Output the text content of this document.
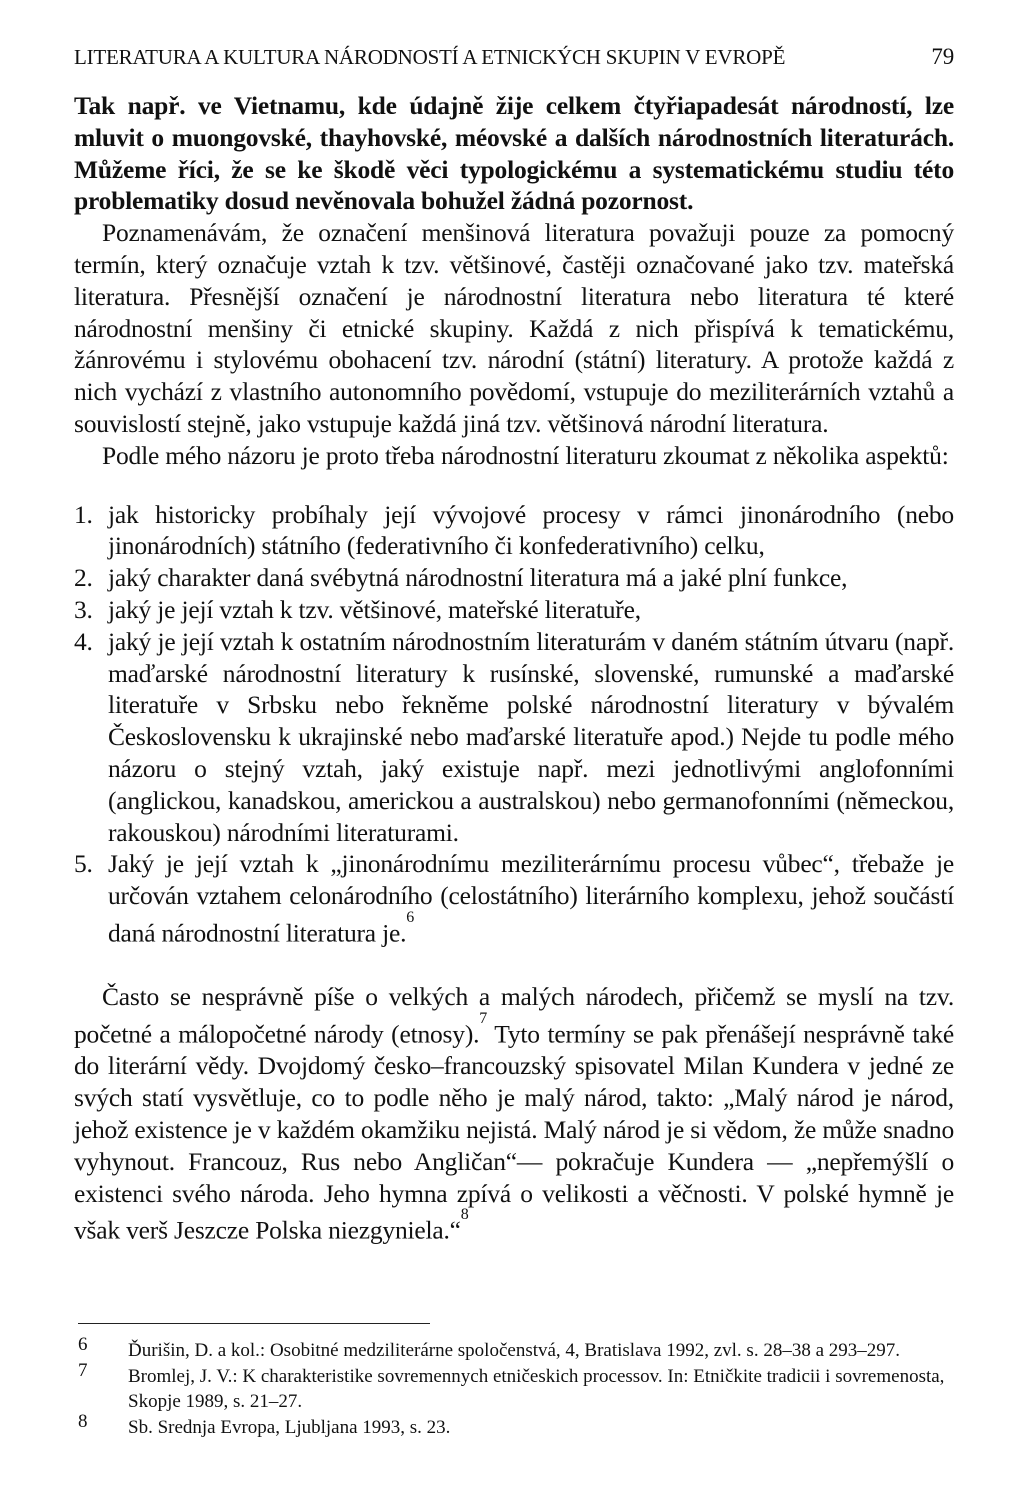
LITERATURA A KULTURA NÁRODNOSTÍ A ETNICKÝCH SKUPIN V EVROPĚ	79

Tak např. ve Vietnamu, kde údajně žije celkem čtyřiapadesát národností, lze mluvit o muongovské, thayhovské, méovské a dalších národnostních literaturách. Můžeme říci, že se ke škodě věci typologickému a systematickému studiu této problematiky dosud nevěnovala bohužel žádná pozornost.

Poznamenávám, že označení menšinová literatura považuji pouze za pomocný termín, který označuje vztah k tzv. většinové, častěji označované jako tzv. mateřská literatura. Přesnější označení je národnostní literatura nebo literatura té které národnostní menšiny či etnické skupiny. Každá z nich přispívá k tematickému, žánrovému i stylovému obohacení tzv. národní (státní) literatury. A protože každá z nich vychází z vlastního autonomního povědomí, vstupuje do meziliterárních vztahů a souvislostí stejně, jako vstupuje každá jiná tzv. většinová národní literatura.

Podle mého názoru je proto třeba národnostní literaturu zkoumat z několika aspektů:

1. jak historicky probíhaly její vývojové procesy v rámci jinonárodního (nebo jinonárodních) státního (federativního či konfederativního) celku,
2. jaký charakter daná svébytná národnostní literatura má a jaké plní funkce,
3. jaký je její vztah k tzv. většinové, mateřské literatuře,
4. jaký je její vztah k ostatním národnostním literaturám v daném státním útvaru (např. maďarské národnostní literatury k rusínské, slovenské, rumunské a maďarské literatuře v Srbsku nebo řekněme polské národnostní literatury v bývalém Československu k ukrajinské nebo maďarské literatuře apod.) Nejde tu podle mého názoru o stejný vztah, jaký existuje např. mezi jednotlivými anglofonními (anglickou, kanadskou, americkou a australskou) nebo germanofonními (německou, rakouskou) národními literaturami.
5. Jaký je její vztah k „jinonárodnímu meziliterárnímu procesu vůbec“, třebaže je určován vztahem celonárodního (celostátního) literárního komplexu, jehož součástí daná národnostní literatura je.$^6$

Často se nesprávně píše o velkých a malých národech, přičemž se myslí na tzv. početné a málopočetné národy (etnosy).$^7$ Tyto termíny se pak přenášejí nesprávně také do literární vědy. Dvojdomý česko–francouzský spisovatel Milan Kundera v jedné ze svých statí vysvětluje, co to podle něho je malý národ, takto: „Malý národ je národ, jehož existence je v každém okamžiku nejistá. Malý národ je si vědom, že může snadno vyhynout. Francouz, Rus nebo Angličan“— pokračuje Kundera — „nepřemýšlí o existenci svého národa. Jeho hymna zpívá o velikosti a věčnosti. V polské hymně je však verš Jeszcze Polska niezgyniela.“$^8$

6 Ďurišin, D. a kol.: Osobitné medziliterárne spoločenstvá, 4, Bratislava 1992, zvl. s. 28–38 a 293–297.
7 Bromlej, J. V.: K charakteristike sovremennych etničeskich processov. In: Etničkite tradicii i sovremenosta, Skopje 1989, s. 21–27.
8 Sb. Srednja Evropa, Ljubljana 1993, s. 23.
